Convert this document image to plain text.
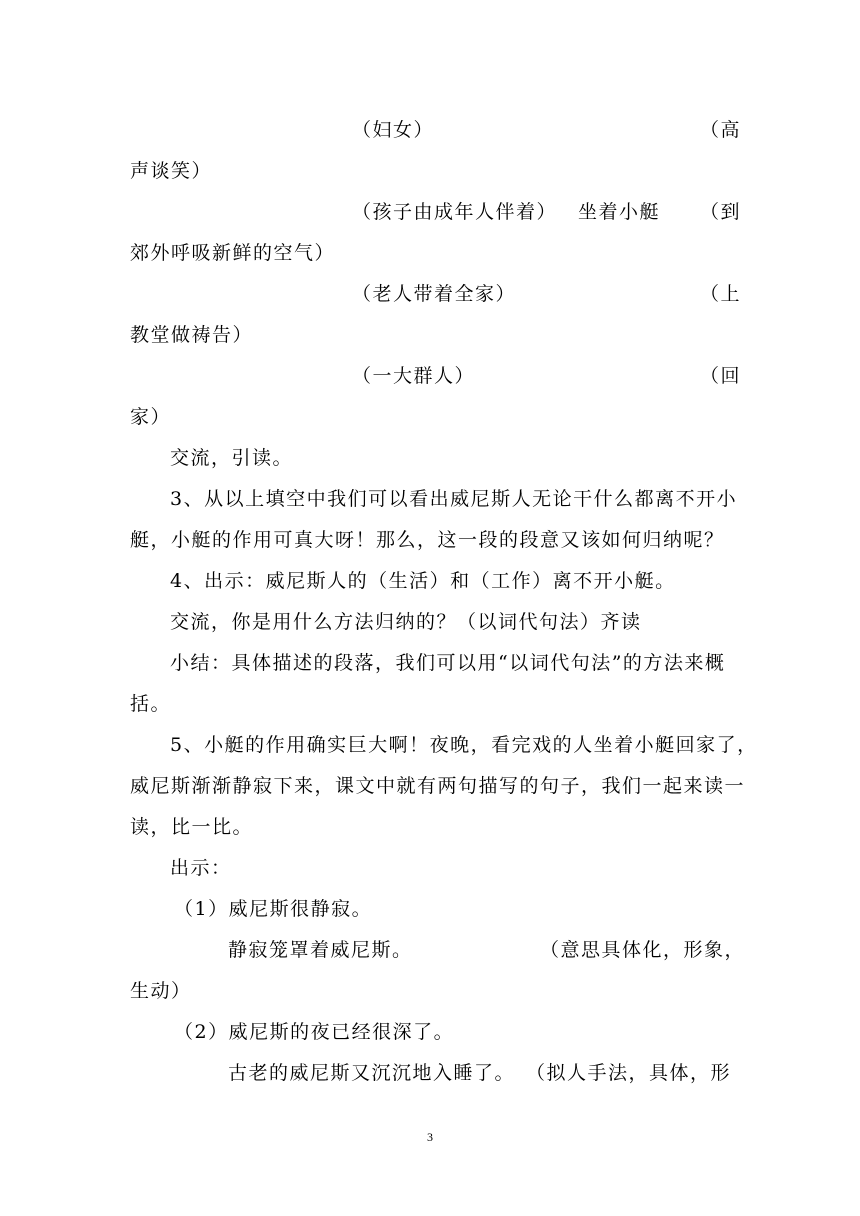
（妇女）	（高
声谈笑）
（孩子由成年人伴着） 坐着小艇 （到
郊外呼吸新鲜的空气）
（老人带着全家）	（上
教堂做祷告）
（一大群人）	（回
家）
交流，引读。
3、从以上填空中我们可以看出威尼斯人无论干什么都离不开小
艇，小艇的作用可真大呀！那么，这一段的段意又该如何归纳呢？
4、出示：威尼斯人的（生活）和（工作）离不开小艇。
交流，你是用什么方法归纳的？（以词代句法）齐读
小结：具体描述的段落，我们可以用“以词代句法”的方法来概
括。
5、小艇的作用确实巨大啊！夜晚，看完戏的人坐着小艇回家了，
威尼斯渐渐静寂下来，课文中就有两句描写的句子，我们一起来读一
读，比一比。
出示：
（1）威尼斯很静寂。
静寂笼罩着威尼斯。	（意思具体化，形象，
生动）
（2）威尼斯的夜已经很深了。
古老的威尼斯又沉沉地入睡了。 （拟人手法，具体，形
3
